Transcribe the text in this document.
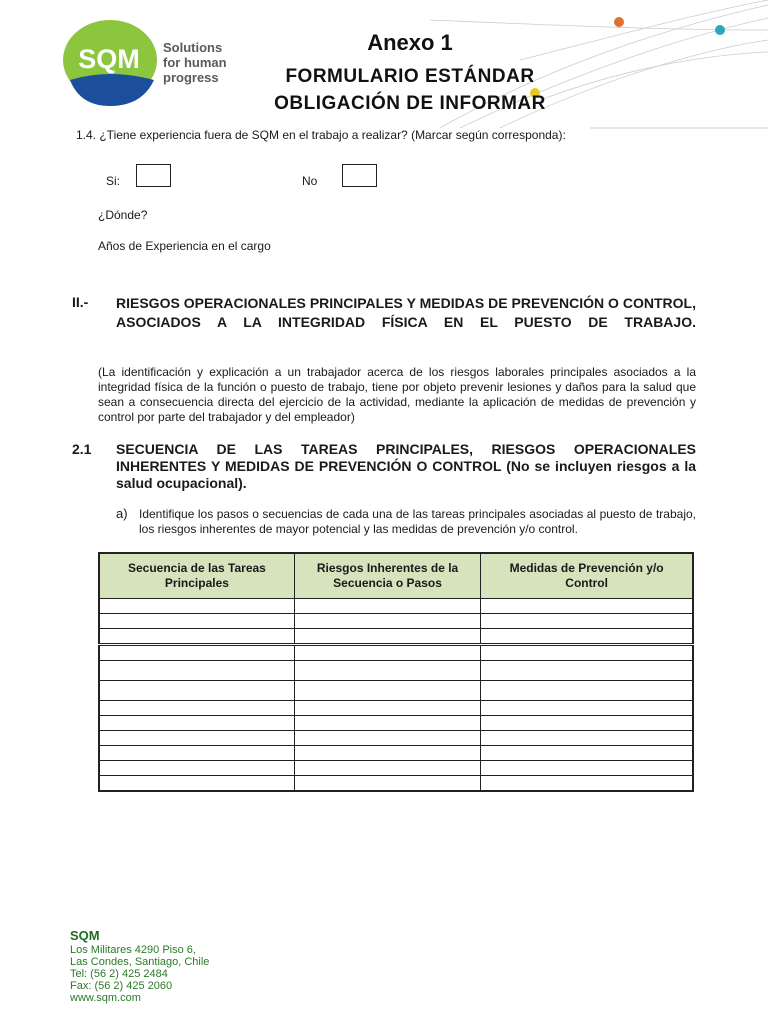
SQM Solutions
for human
progress
Anexo 1
FORMULARIO ESTÁNDAR
OBLIGACIÓN DE INFORMAR
1.4. ¿Tiene experiencia fuera de SQM en el trabajo a realizar? (Marcar según corresponda):
Si:	No
¿Dónde?
Años de Experiencia en el cargo
II.- RIESGOS OPERACIONALES PRINCIPALES Y MEDIDAS DE PREVENCIÓN O CONTROL, ASOCIADOS A LA INTEGRIDAD FÍSICA EN EL PUESTO DE TRABAJO.
(La identificación y explicación a un trabajador acerca de los riesgos laborales principales asociados a la integridad física de la función o puesto de trabajo, tiene por objeto prevenir lesiones y daños para la salud que sean a consecuencia directa del ejercicio de la actividad, mediante la aplicación de medidas de prevención y control por parte del trabajador y del empleador)
2.1 SECUENCIA DE LAS TAREAS PRINCIPALES, RIESGOS OPERACIONALES INHERENTES Y MEDIDAS DE PREVENCIÓN O CONTROL (No se incluyen riesgos a la salud ocupacional).
a) Identifique los pasos o secuencias de cada una de las tareas principales asociadas al puesto de trabajo, los riesgos inherentes de mayor potencial y las medidas de prevención y/o control.
Secuencia de las Tareas Principales	Riesgos Inherentes de la Secuencia o Pasos	Medidas de Prevención y/o Control

SQM
Los Militares 4290 Piso 6,
Las Condes, Santiago, Chile
Tel: (56 2) 425 2484
Fax: (56 2) 425 2060
www.sqm.com
